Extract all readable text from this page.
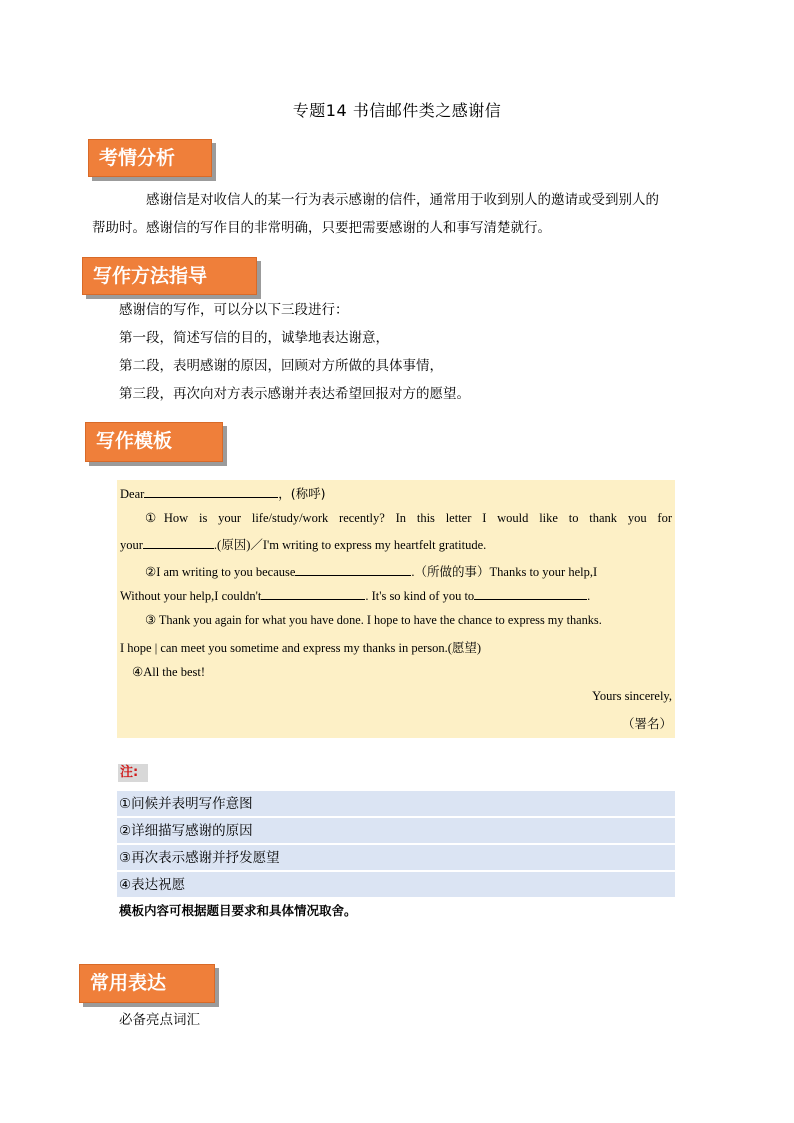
专题14 书信邮件类之感谢信
考情分析
感谢信是对收信人的某一行为表示感谢的信件，通常用于收到别人的邀请或受到别人的
帮助时。感谢信的写作目的非常明确，只要把需要感谢的人和事写清楚就行。
写作方法指导
感谢信的写作，可以分以下三段进行：
第一段，简述写信的目的，诚挚地表达谢意，
第二段，表明感谢的原因，回顾对方所做的具体事情，
第三段，再次向对方表示感谢并表达希望回报对方的愿望。
写作模板
Dear	，(称呼)
①How is your life/study/work recently? In this letter I would like to thank you for
your	.(原因)／I'm writing to express my heartfelt gratitude.
②I am writing to you because	.（所做的事）Thanks to your help,I
Without your help,I couldn't	. It's so kind of you to	.
③ Thank you again for what you have done. I hope to have the chance to express my thanks.
I hope | can meet you sometime and express my thanks in person.(愿望)
④All the best!
Yours sincerely,
（署名）
注:
①问候并表明写作意图
②详细描写感谢的原因
③再次表示感谢并抒发愿望
④表达祝愿
模板内容可根据题目要求和具体情况取舍。
常用表达
必备亮点词汇
